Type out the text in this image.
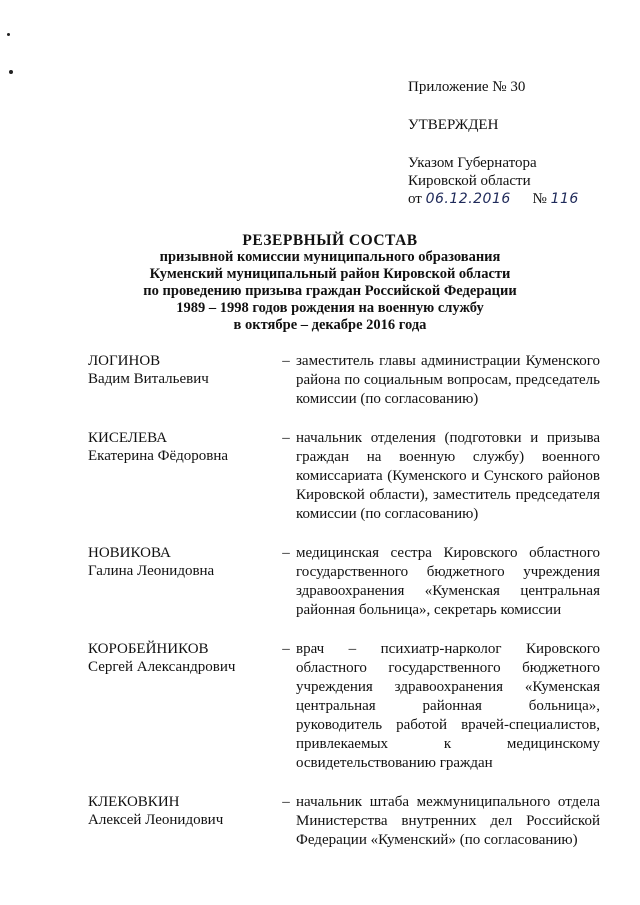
Приложение № 30
УТВЕРЖДЕН
Указом Губернатора
Кировской области
от 06.12.2016 № 116
РЕЗЕРВНЫЙ СОСТАВ
призывной комиссии муниципального образования
Куменский муниципальный район Кировской области
по проведению призыва граждан Российской Федерации
1989 – 1998 годов рождения на военную службу
в октябре – декабре 2016 года
ЛОГИНОВ
Вадим Витальевич
– заместитель главы администрации Куменского района по социальным вопросам, председатель комиссии (по согласованию)
КИСЕЛЕВА
Екатерина Фёдоровна
– начальник отделения (подготовки и призыва граждан на военную службу) военного комиссариата (Куменского и Сунского районов Кировской области), заместитель председателя комиссии (по согласованию)
НОВИКОВА
Галина Леонидовна
– медицинская сестра Кировского областного государственного бюджетного учреждения здравоохранения «Куменская центральная районная больница», секретарь комиссии
КОРОБЕЙНИКОВ
Сергей Александрович
– врач – психиатр-нарколог Кировского областного государственного бюджетного учреждения здравоохранения «Куменская центральная районная больница», руководитель работой врачей-специалистов, привлекаемых к медицинскому освидетельствованию граждан
КЛЕКОВКИН
Алексей Леонидович
– начальник штаба межмуниципального отдела Министерства внутренних дел Российской Федерации «Куменский» (по согласованию)
